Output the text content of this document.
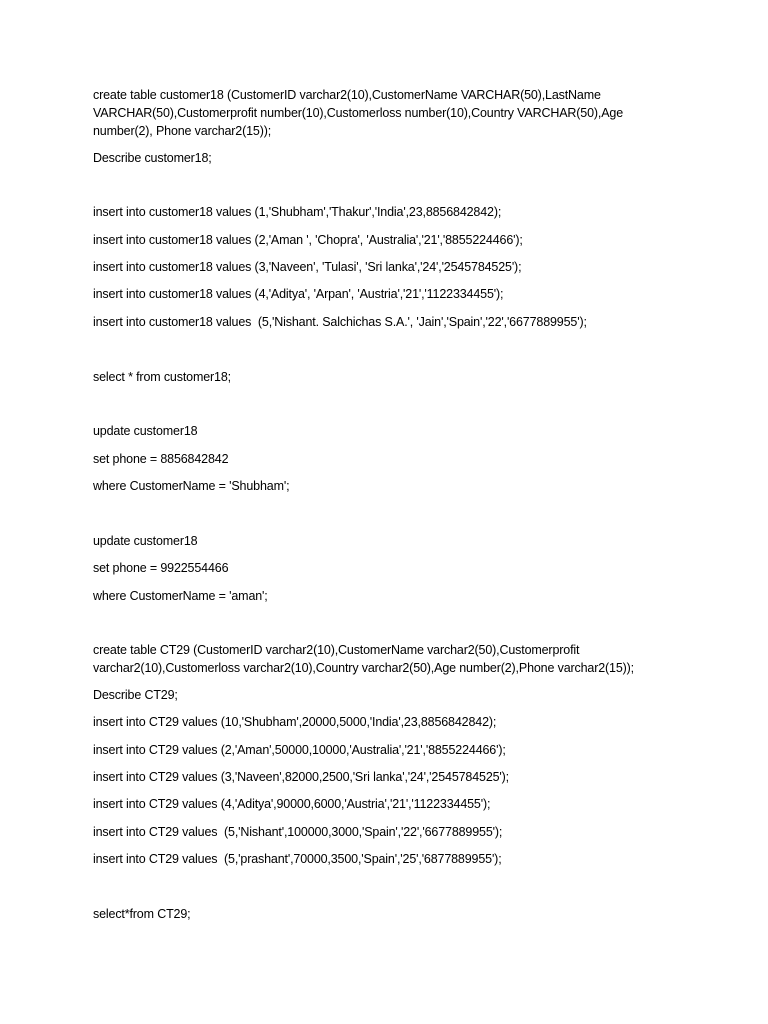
create table customer18 (CustomerID varchar2(10),CustomerName VARCHAR(50),LastName
VARCHAR(50),Customerprofit number(10),Customerloss number(10),Country VARCHAR(50),Age
number(2), Phone varchar2(15));
Describe customer18;
insert into customer18 values (1,'Shubham','Thakur','India',23,8856842842);
insert into customer18 values (2,'Aman ', 'Chopra', 'Australia','21','8855224466');
insert into customer18 values (3,'Naveen', 'Tulasi', 'Sri lanka','24','2545784525');
insert into customer18 values (4,'Aditya', 'Arpan', 'Austria','21','1122334455');
insert into customer18 values  (5,'Nishant. Salchichas S.A.', 'Jain','Spain','22','6677889955');
select * from customer18;
update customer18
set phone = 8856842842
where CustomerName = 'Shubham';
update customer18
set phone = 9922554466
where CustomerName = 'aman';
create table CT29 (CustomerID varchar2(10),CustomerName varchar2(50),Customerprofit
varchar2(10),Customerloss varchar2(10),Country varchar2(50),Age number(2),Phone varchar2(15));
Describe CT29;
insert into CT29 values (10,'Shubham',20000,5000,'India',23,8856842842);
insert into CT29 values (2,'Aman',50000,10000,'Australia','21','8855224466');
insert into CT29 values (3,'Naveen',82000,2500,'Sri lanka','24','2545784525');
insert into CT29 values (4,'Aditya',90000,6000,'Austria','21','1122334455');
insert into CT29 values  (5,'Nishant',100000,3000,'Spain','22','6677889955');
insert into CT29 values  (5,'prashant',70000,3500,'Spain','25','6877889955');
select*from CT29;
